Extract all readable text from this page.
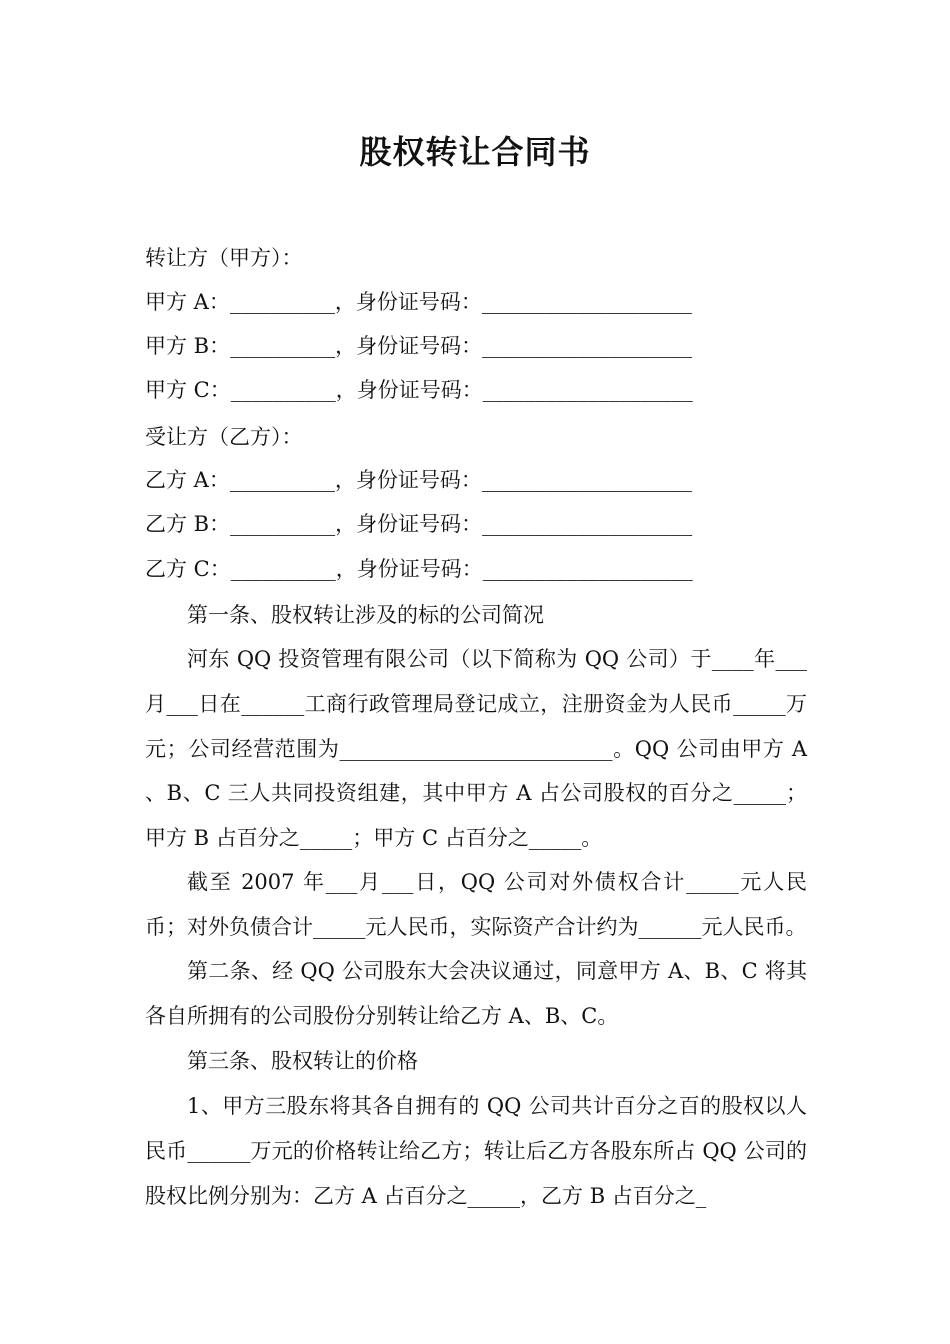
股权转让合同书

转让方（甲方）：

甲方 A：__________，身份证号码：____________________

甲方 B：__________，身份证号码：____________________

甲方 C：__________，身份证号码：____________________

受让方（乙方）：

乙方 A：__________，身份证号码：____________________

乙方 B：__________，身份证号码：____________________

乙方 C：__________，身份证号码：____________________

第一条、股权转让涉及的标的公司简况

河东 QQ 投资管理有限公司（以下简称为 QQ 公司）于____年___月___日在______工商行政管理局登记成立，注册资金为人民币_____万元；公司经营范围为__________________________。QQ 公司由甲方 A 、B、C 三人共同投资组建，其中甲方 A 占公司股权的百分之_____；甲方 B 占百分之_____；甲方 C 占百分之_____。

截至 2007 年___月___日，QQ 公司对外债权合计_____元人民币；对外负债合计_____元人民币，实际资产合计约为______元人民币。

第二条、经 QQ 公司股东大会决议通过，同意甲方 A、B、C 将其各自所拥有的公司股份分别转让给乙方 A、B、C。

第三条、股权转让的价格

1、甲方三股东将其各自拥有的 QQ 公司共计百分之百的股权以人民币______万元的价格转让给乙方；转让后乙方各股东所占 QQ 公司的股权比例分别为：乙方 A 占百分之_____，乙方 B 占百分之_
